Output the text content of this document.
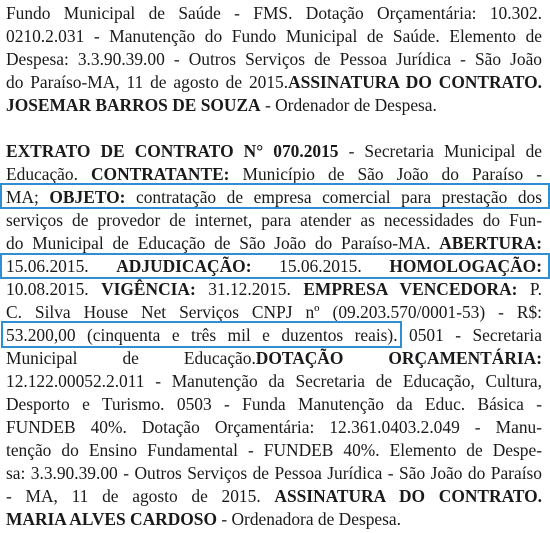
Fundo Municipal de Saúde - FMS. Dotação Orçamentária: 10.302.
0210.2.031 - Manutenção do Fundo Municipal de Saúde. Elemento de
Despesa: 3.3.90.39.00 - Outros Serviços de Pessoa Jurídica - São João
do Paraíso-MA, 11 de agosto de 2015.ASSINATURA DO CONTRATO.
JOSEMAR BARROS DE SOUZA - Ordenador de Despesa.
EXTRATO DE CONTRATO N° 070.2015 - Secretaria Municipal de
Educação. CONTRATANTE: Município de São João do Paraíso -
MA; OBJETO: contratação de empresa comercial para prestação dos
serviços de provedor de internet, para atender as necessidades do Fun-
do Municipal de Educação de São João do Paraíso-MA. ABERTURA:
15.06.2015. ADJUDICAÇÃO: 15.06.2015. HOMOLOGAÇÃO:
10.08.2015. VIGÊNCIA: 31.12.2015. EMPRESA VENCEDORA: P.
C. Silva House Net Serviços CNPJ nº (09.203.570/0001-53) - R$:
53.200,00 (cinquenta e três mil e duzentos reais). 0501 - Secretaria
Municipal de Educação.DOTAÇÃO ORÇAMENTÁRIA:
12.122.00052.2.011 - Manutenção da Secretaria de Educação, Cultura,
Desporto e Turismo. 0503 - Funda Manutenção da Educ. Básica -
FUNDEB 40%. Dotação Orçamentária: 12.361.0403.2.049 - Manu-
tenção do Ensino Fundamental - FUNDEB 40%. Elemento de Despe-
sa: 3.3.90.39.00 - Outros Serviços de Pessoa Jurídica - São João do Paraíso
- MA, 11 de agosto de 2015. ASSINATURA DO CONTRATO.
MARIA ALVES CARDOSO - Ordenadora de Despesa.
